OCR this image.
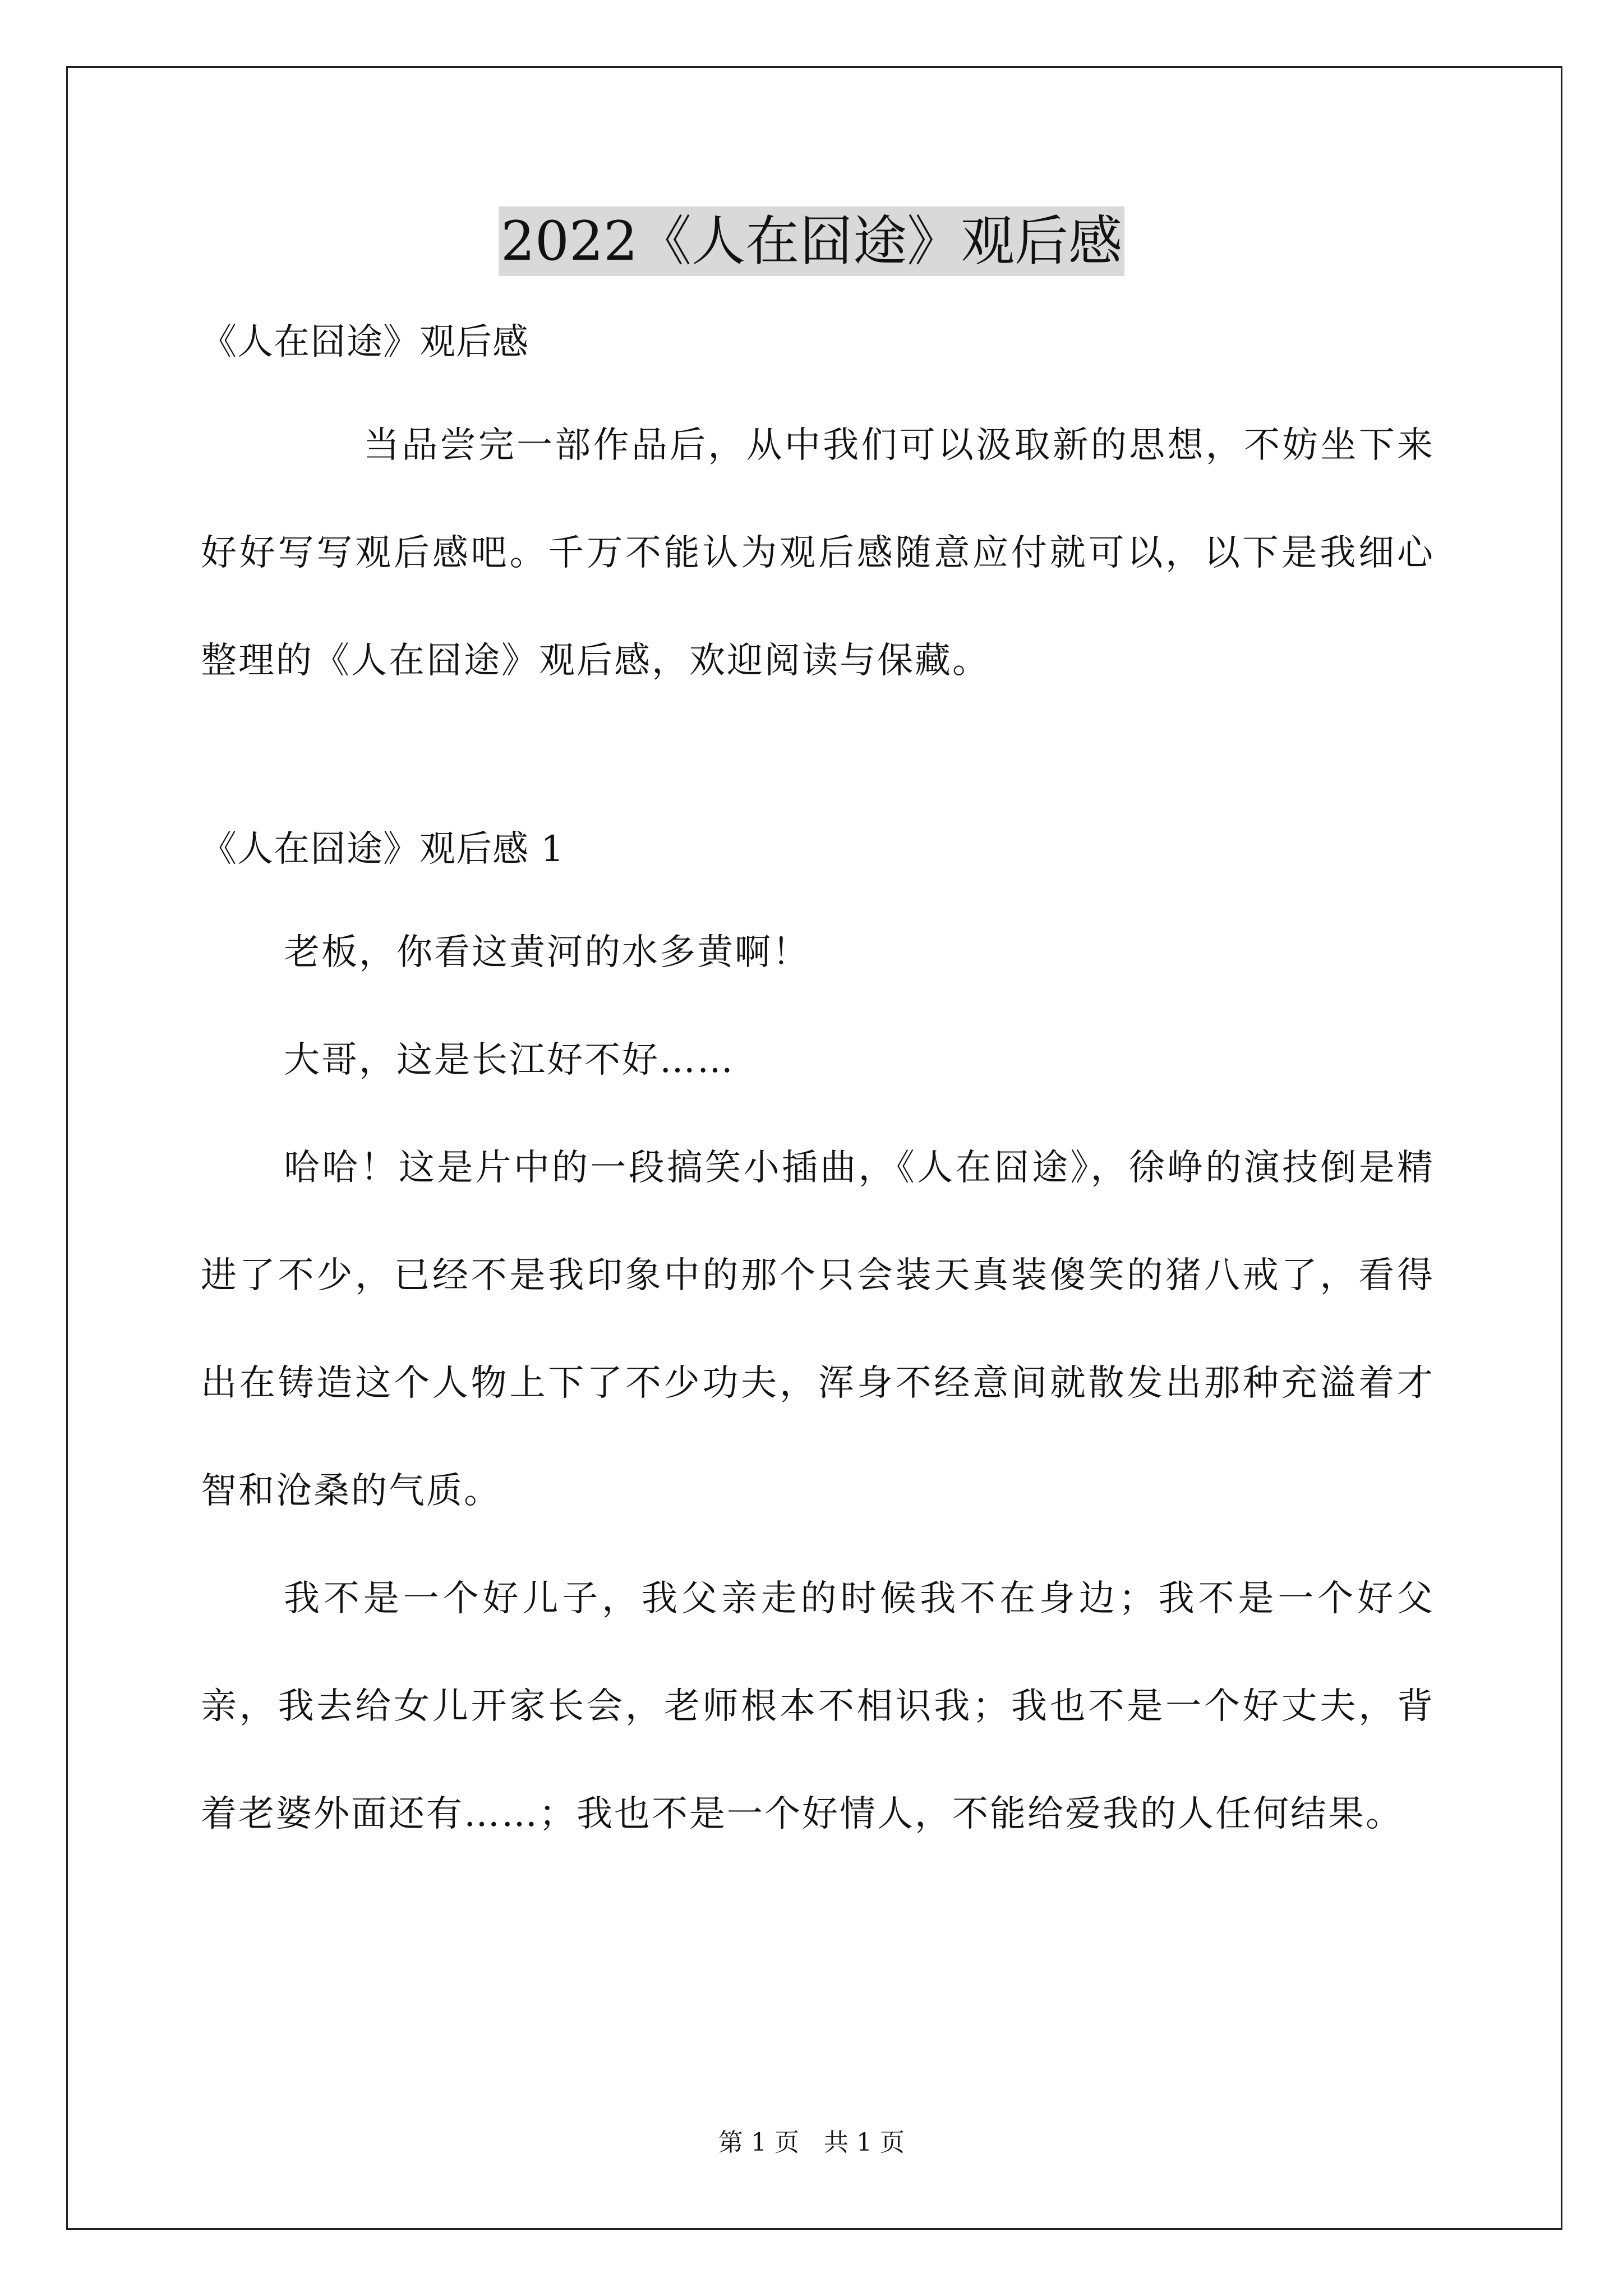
2022《人在囧途》观后感

《人在囧途》观后感

当品尝完一部作品后，从中我们可以汲取新的思想，不妨坐下来好好写写观后感吧。千万不能认为观后感随意应付就可以，以下是我细心整理的《人在囧途》观后感，欢迎阅读与保藏。

《人在囧途》观后感 1

老板，你看这黄河的水多黄啊！

大哥，这是长江好不好……

哈哈！这是片中的一段搞笑小插曲，《人在囧途》，徐峥的演技倒是精进了不少，已经不是我印象中的那个只会装天真装傻笑的猪八戒了，看得出在铸造这个人物上下了不少功夫，浑身不经意间就散发出那种充溢着才智和沧桑的气质。

我不是一个好儿子，我父亲走的时候我不在身边；我不是一个好父亲，我去给女儿开家长会，老师根本不相识我；我也不是一个好丈夫，背着老婆外面还有……；我也不是一个好情人，不能给爱我的人任何结果。

第 1 页　共 1 页
